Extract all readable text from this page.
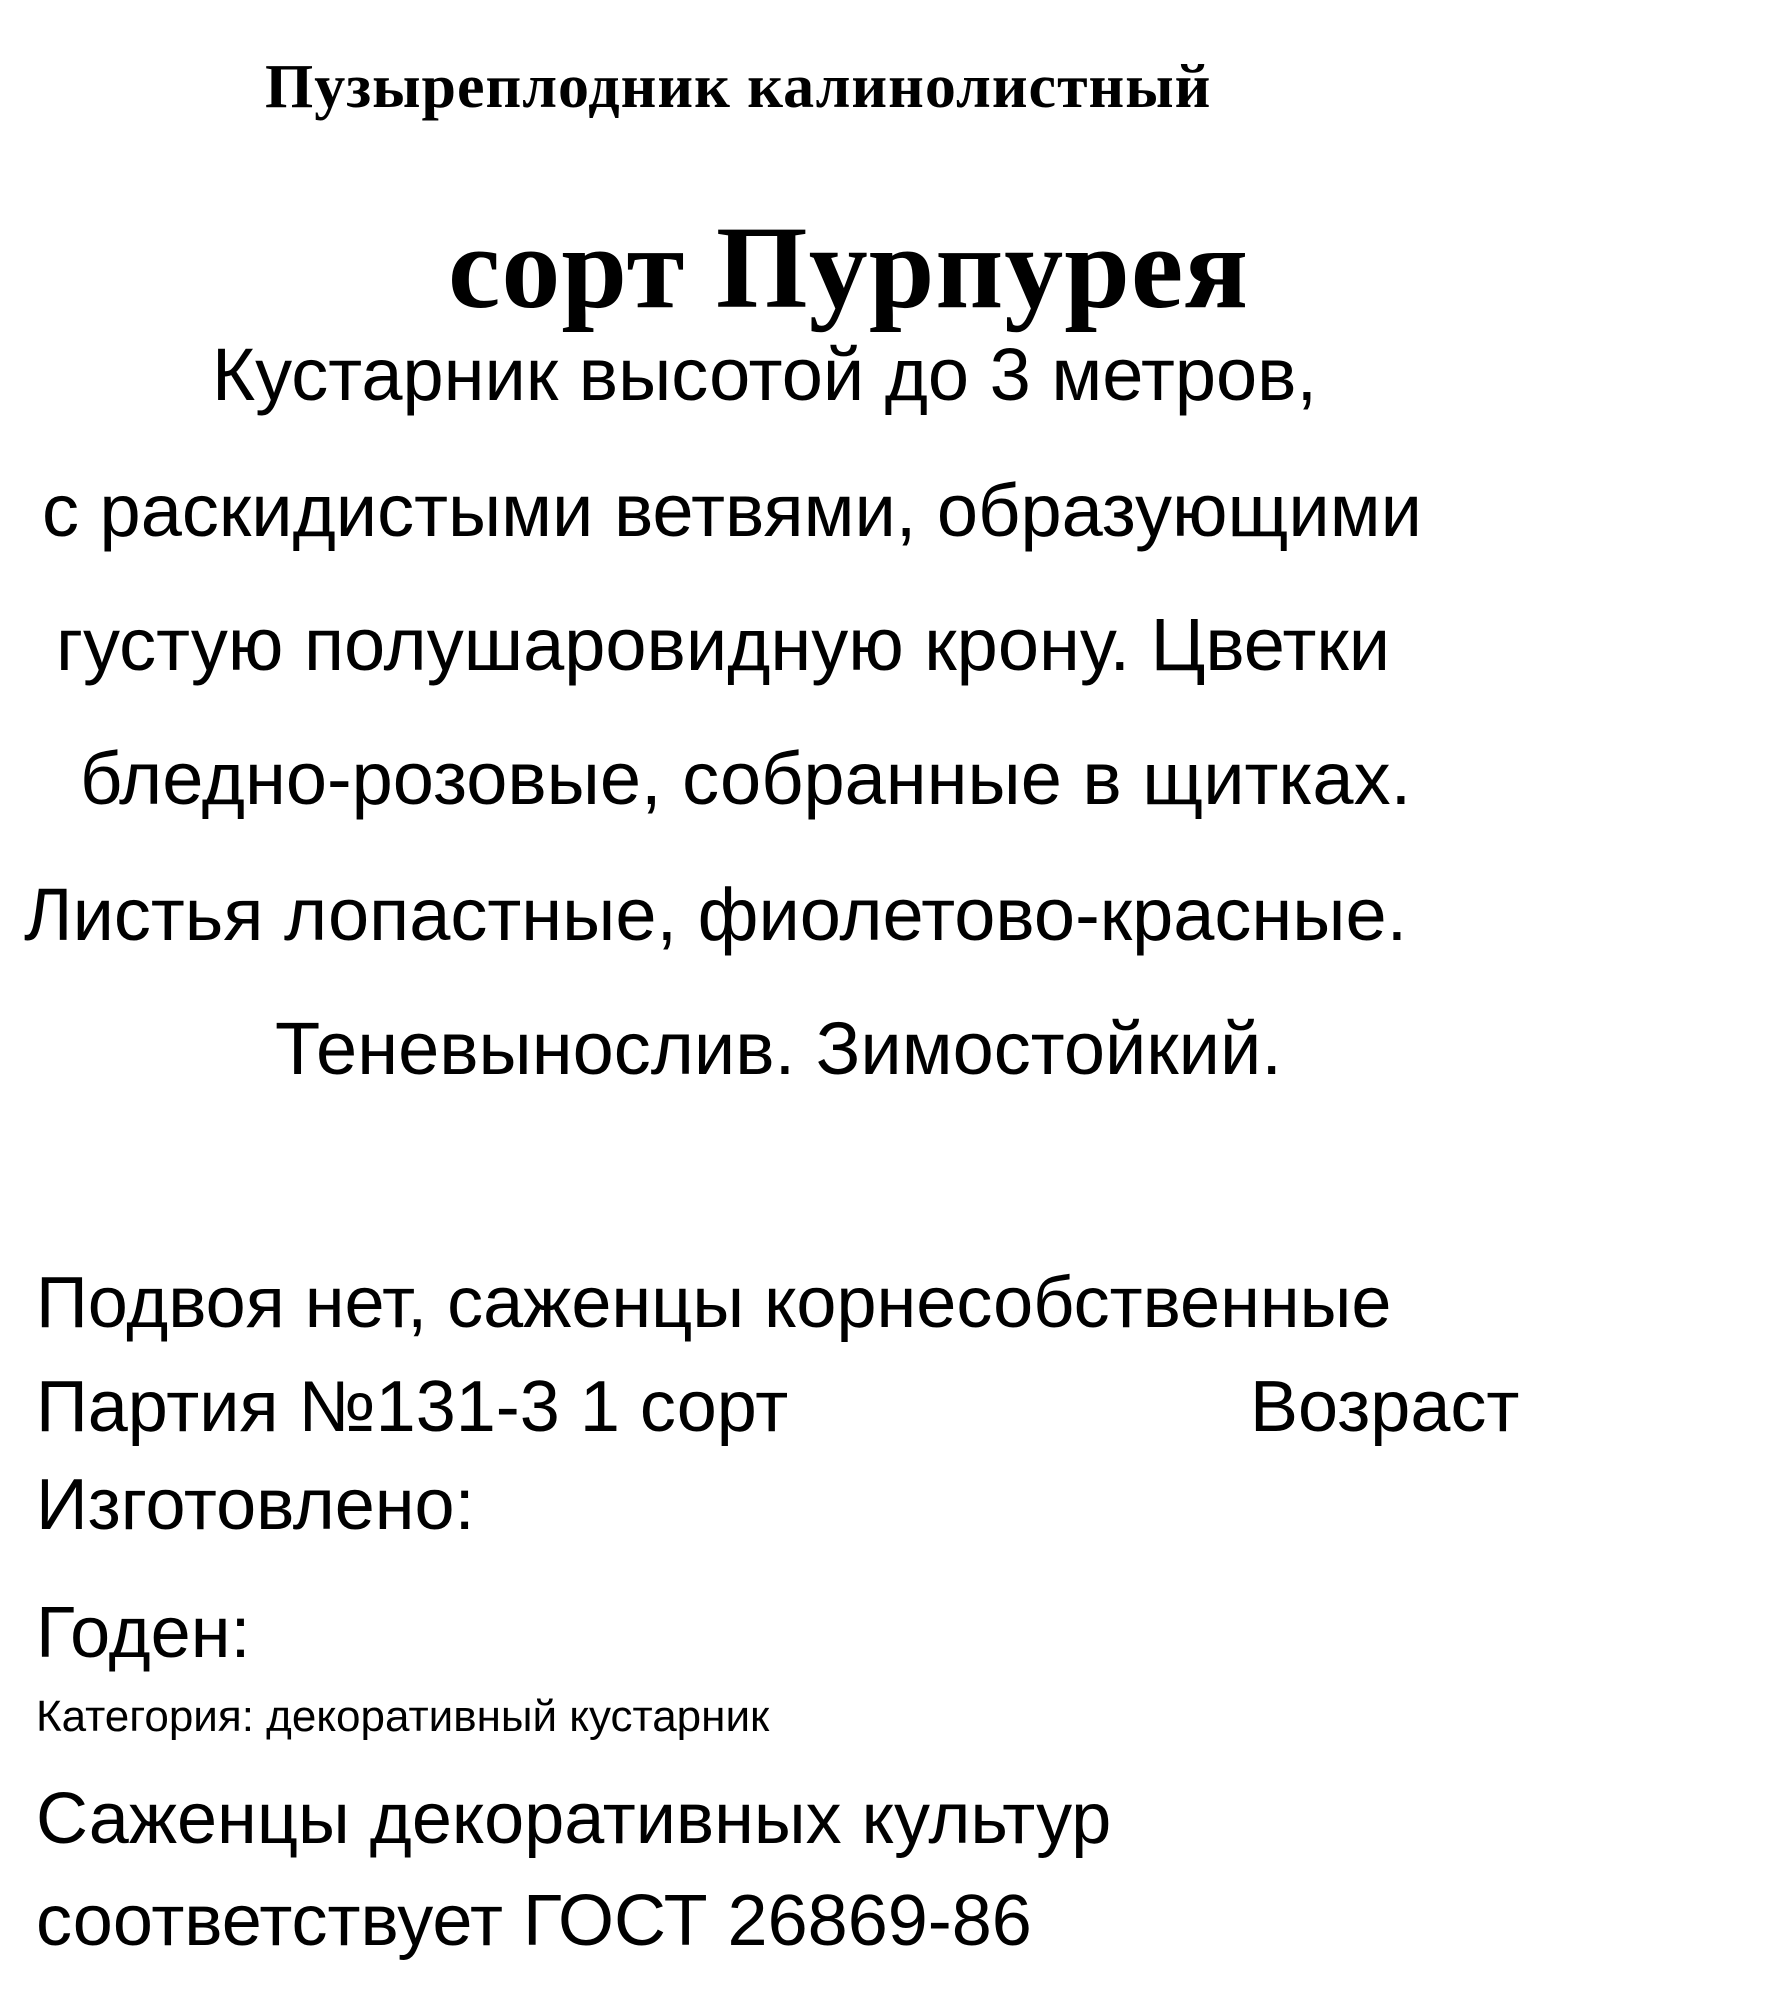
Пузыреплодник калинолистный
сорт Пурпурея
Кустарник высотой до 3 метров,
с раскидистыми ветвями, образующими
густую полушаровидную крону. Цветки
бледно-розовые, собранные в щитках.
Листья лопастные, фиолетово-красные.
Теневынослив. Зимостойкий.
Подвоя нет, саженцы корнесобственные
Партия №131-3 1 сорт	Возраст
Изготовлено:
Годен:
Категория: декоративный кустарник
Саженцы декоративных культур
соответствует ГОСТ 26869-86
